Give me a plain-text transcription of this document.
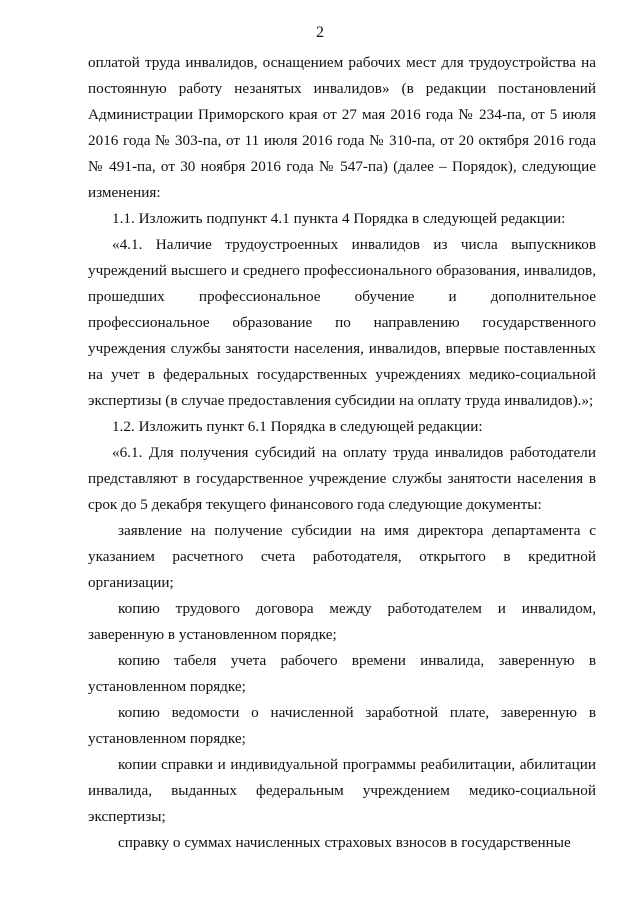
2

оплатой труда инвалидов, оснащением рабочих мест для трудоустройства на постоянную работу незанятых инвалидов» (в редакции постановлений Администрации Приморского края от 27 мая 2016 года № 234-па, от 5 июля 2016 года № 303-па, от 11 июля 2016 года № 310-па, от 20 октября 2016 года № 491-па, от 30 ноября 2016 года № 547-па) (далее – Порядок), следующие изменения:

1.1. Изложить подпункт 4.1 пункта 4 Порядка в следующей редакции:

«4.1. Наличие трудоустроенных инвалидов из числа выпускников учреждений высшего и среднего профессионального образования, инвалидов, прошедших профессиональное обучение и дополнительное профессиональное образование по направлению государственного учреждения службы занятости населения, инвалидов, впервые поставленных на учет в федеральных государственных учреждениях медико-социальной экспертизы (в случае предоставления субсидии на оплату труда инвалидов).»;

1.2. Изложить пункт 6.1 Порядка в следующей редакции:

«6.1. Для получения субсидий на оплату труда инвалидов работодатели представляют в государственное учреждение службы занятости населения в срок до 5 декабря текущего финансового года следующие документы:

заявление на получение субсидии на имя директора департамента с указанием расчетного счета работодателя, открытого в кредитной организации;

копию трудового договора между работодателем и инвалидом, заверенную в установленном порядке;

копию табеля учета рабочего времени инвалида, заверенную в установленном порядке;

копию ведомости о начисленной заработной плате, заверенную в установленном порядке;

копии справки и индивидуальной программы реабилитации, абилитации инвалида, выданных федеральным учреждением медико-социальной экспертизы;

справку о суммах начисленных страховых взносов в государственные
